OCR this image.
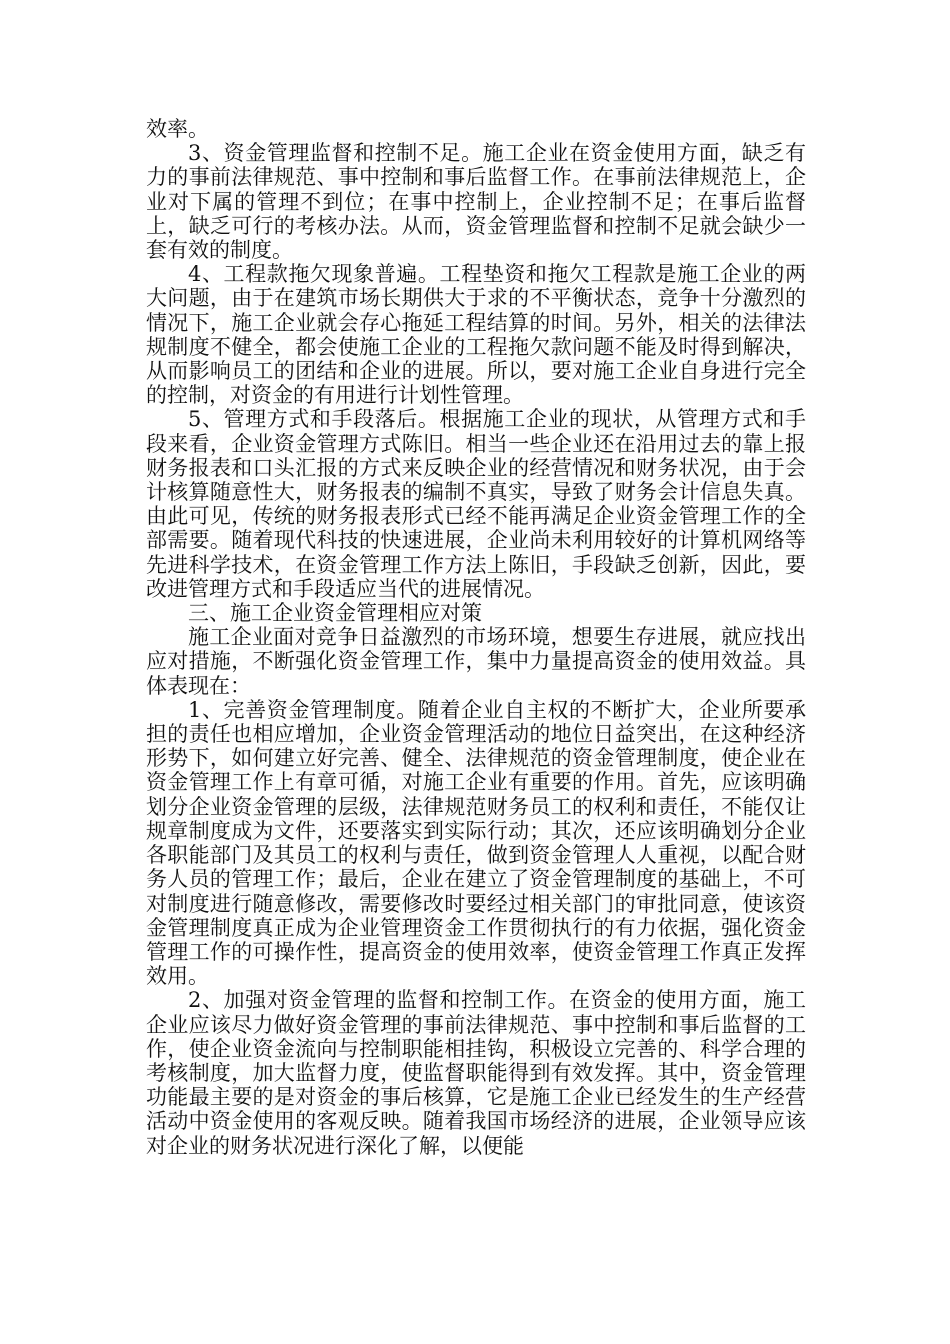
效率。

3、资金管理监督和控制不足。施工企业在资金使用方面，缺乏有力的事前法律规范、事中控制和事后监督工作。在事前法律规范上，企业对下属的管理不到位；在事中控制上，企业控制不足；在事后监督上，缺乏可行的考核办法。从而，资金管理监督和控制不足就会缺少一套有效的制度。

4、工程款拖欠现象普遍。工程垫资和拖欠工程款是施工企业的两大问题，由于在建筑市场长期供大于求的不平衡状态，竞争十分激烈的情况下，施工企业就会存心拖延工程结算的时间。另外，相关的法律法规制度不健全，都会使施工企业的工程拖欠款问题不能及时得到解决，从而影响员工的团结和企业的进展。所以，要对施工企业自身进行完全的控制，对资金的有用进行计划性管理。

5、管理方式和手段落后。根据施工企业的现状，从管理方式和手段来看，企业资金管理方式陈旧。相当一些企业还在沿用过去的靠上报财务报表和口头汇报的方式来反映企业的经营情况和财务状况，由于会计核算随意性大，财务报表的编制不真实，导致了财务会计信息失真。由此可见，传统的财务报表形式已经不能再满足企业资金管理工作的全部需要。随着现代科技的快速进展，企业尚未利用较好的计算机网络等先进科学技术，在资金管理工作方法上陈旧，手段缺乏创新，因此，要改进管理方式和手段适应当代的进展情况。

三、施工企业资金管理相应对策

施工企业面对竞争日益激烈的市场环境，想要生存进展，就应找出应对措施，不断强化资金管理工作，集中力量提高资金的使用效益。具体表现在：

1、完善资金管理制度。随着企业自主权的不断扩大，企业所要承担的责任也相应增加，企业资金管理活动的地位日益突出，在这种经济形势下，如何建立好完善、健全、法律规范的资金管理制度，使企业在资金管理工作上有章可循，对施工企业有重要的作用。首先，应该明确划分企业资金管理的层级，法律规范财务员工的权利和责任，不能仅让规章制度成为文件，还要落实到实际行动；其次，还应该明确划分企业各职能部门及其员工的权利与责任，做到资金管理人人重视，以配合财务人员的管理工作；最后，企业在建立了资金管理制度的基础上，不可对制度进行随意修改，需要修改时要经过相关部门的审批同意，使该资金管理制度真正成为企业管理资金工作贯彻执行的有力依据，强化资金管理工作的可操作性，提高资金的使用效率，使资金管理工作真正发挥效用。

2、加强对资金管理的监督和控制工作。在资金的使用方面，施工企业应该尽力做好资金管理的事前法律规范、事中控制和事后监督的工作，使企业资金流向与控制职能相挂钩，积极设立完善的、科学合理的考核制度，加大监督力度，使监督职能得到有效发挥。其中，资金管理功能最主要的是对资金的事后核算，它是施工企业已经发生的生产经营活动中资金使用的客观反映。随着我国市场经济的进展，企业领导应该对企业的财务状况进行深化了解，以便能
